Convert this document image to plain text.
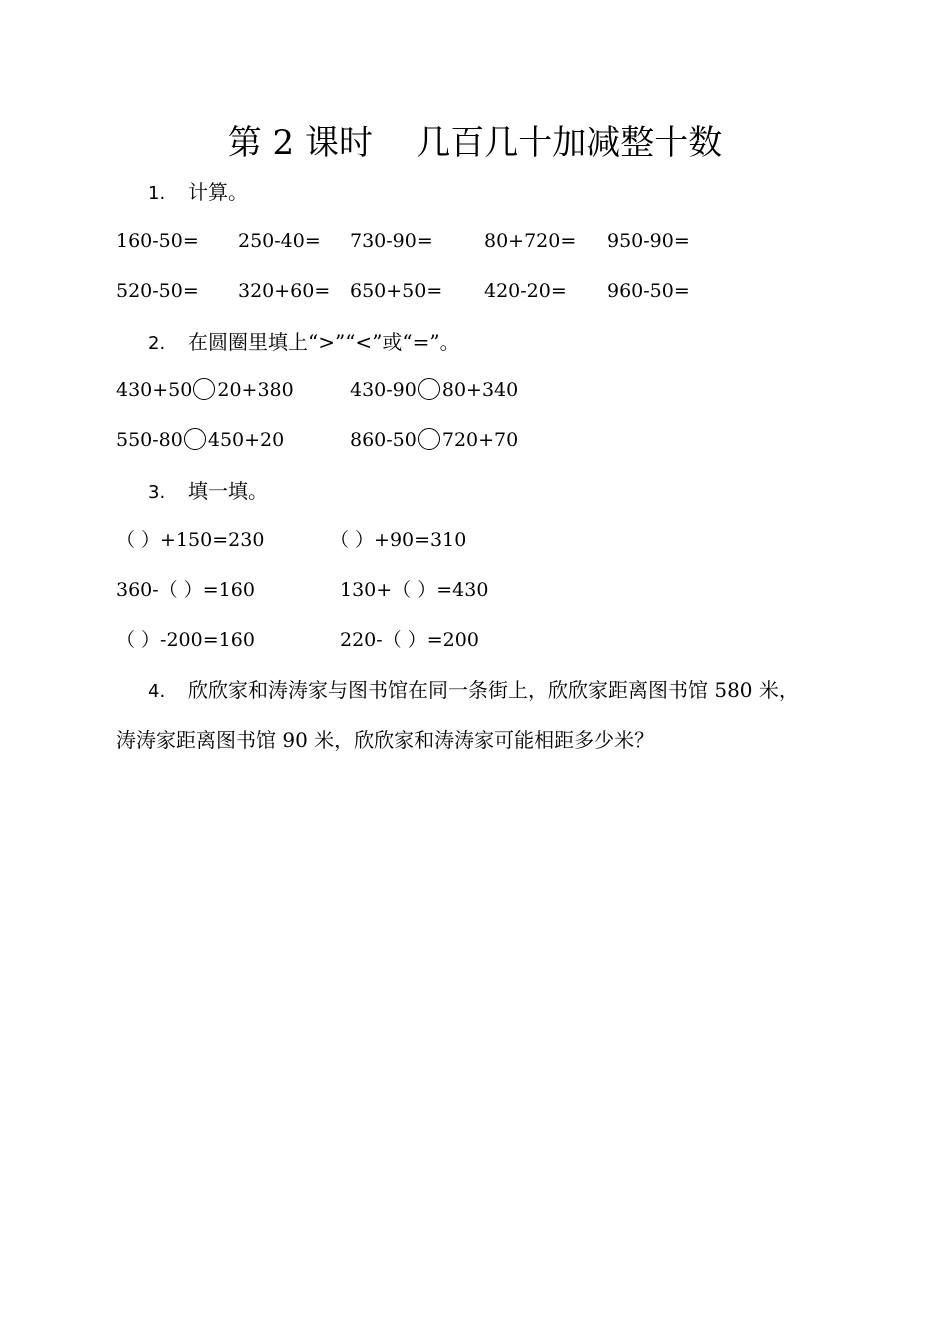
第 2 课时    几百几十加减整十数
1. 计算。
160-50= 250-40= 730-90=	80+720= 950-90=
520-50= 320+60= 650+50= 420-20= 960-50=
2. 在圆圈里填上“>”“<”或“=”。
430+50 20+380	430-90 80+340
550-80 450+20	860-50 720+70
3. 填一填。
（ ）+150=230	（ ）+90=310
360-（ ）=160	130+（ ）=430
（ ）-200=160	220-（ ）=200
4. 欣欣家和涛涛家与图书馆在同一条街上，欣欣家距离图书馆 580 米，
涛涛家距离图书馆 90 米，欣欣家和涛涛家可能相距多少米？
